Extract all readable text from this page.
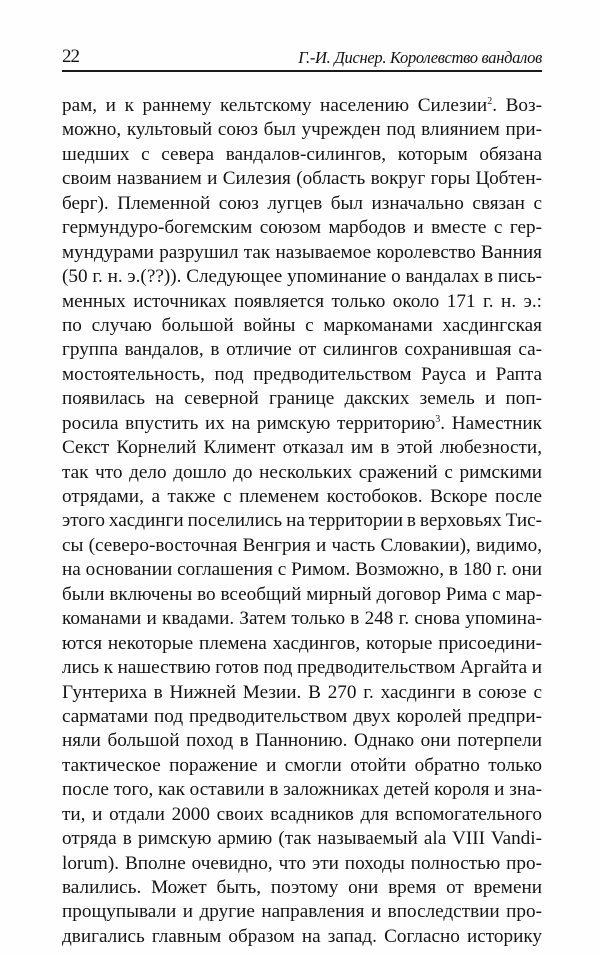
22	Г.-И. Диснер. Королевство вандалов
рам, и к раннему кельтскому населению Силезии$^2$. Воз-
можно, культовый союз был учрежден под влиянием при-
шедших с севера вандалов-силингов, которым обязана
своим названием и Силезия (область вокруг горы Цобтен-
берг). Племенной союз лугцев был изначально связан с
гермундуро-богемским союзом марбодов и вместе с гер-
мундурами разрушил так называемое королевство Ванния
(50 г. н. э.(??)). Следующее упоминание о вандалах в пись-
менных источниках появляется только около 171 г. н. э.:
по случаю большой войны с маркоманами хасдингская
группа вандалов, в отличие от силингов сохранившая са-
мостоятельность, под предводительством Рауса и Рапта
появилась на северной границе дакских земель и поп-
росила впустить их на римскую территорию$^3$. Наместник
Секст Корнелий Климент отказал им в этой любезности,
так что дело дошло до нескольких сражений с римскими
отрядами, а также с племенем костобоков. Вскоре после
этого хасдинги поселились на территории в верховьях Тис-
сы (северо-восточная Венгрия и часть Словакии), видимо,
на основании соглашения с Римом. Возможно, в 180 г. они
были включены во всеобщий мирный договор Рима с мар-
команами и квадами. Затем только в 248 г. снова упомина-
ются некоторые племена хасдингов, которые присоедини-
лись к нашествию готов под предводительством Аргайта и
Гунтериха в Нижней Мезии. В 270 г. хасдинги в союзе с
сарматами под предводительством двух королей предпри-
няли большой поход в Паннонию. Однако они потерпели
тактическое поражение и смогли отойти обратно только
после того, как оставили в заложниках детей короля и зна-
ти, и отдали 2000 своих всадников для вспомогательного
отряда в римскую армию (так называемый ala VIII Vandi-
lorum). Вполне очевидно, что эти походы полностью про-
валились. Может быть, поэтому они время от времени
прощупывали и другие направления и впоследствии про-
двигались главным образом на запад. Согласно историку
